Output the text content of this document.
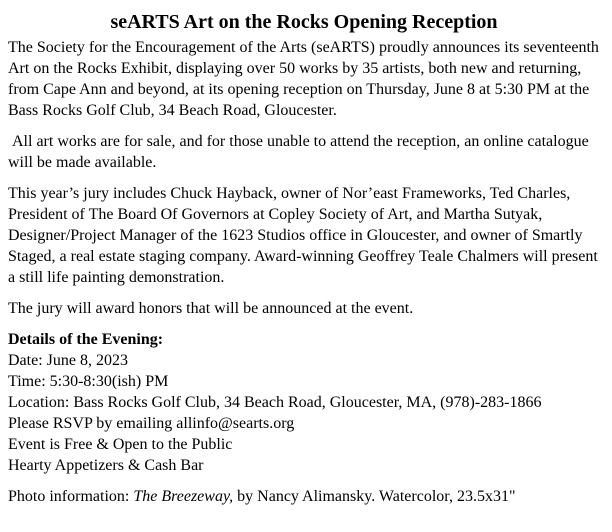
seARTS Art on the Rocks Opening Reception

The Society for the Encouragement of the Arts (seARTS) proudly announces its seventeenth Art on the Rocks Exhibit, displaying over 50 works by 35 artists, both new and returning, from Cape Ann and beyond, at its opening reception on Thursday, June 8 at 5:30 PM at the Bass Rocks Golf Club, 34 Beach Road, Gloucester.

All art works are for sale, and for those unable to attend the reception, an online catalogue will be made available.

This year’s jury includes Chuck Hayback, owner of Nor’east Frameworks, Ted Charles, President of The Board Of Governors at Copley Society of Art, and Martha Sutyak, Designer/Project Manager of the 1623 Studios office in Gloucester, and owner of Smartly Staged, a real estate staging company. Award-winning Geoffrey Teale Chalmers will present a still life painting demonstration.

The jury will award honors that will be announced at the event.

Details of the Evening:
Date: June 8, 2023
Time: 5:30-8:30(ish) PM
Location: Bass Rocks Golf Club, 34 Beach Road, Gloucester, MA, (978)-283-1866
Please RSVP by emailing allinfo@searts.org
Event is Free & Open to the Public
Hearty Appetizers & Cash Bar

Photo information: The Breezeway, by Nancy Alimansky. Watercolor, 23.5x31"
